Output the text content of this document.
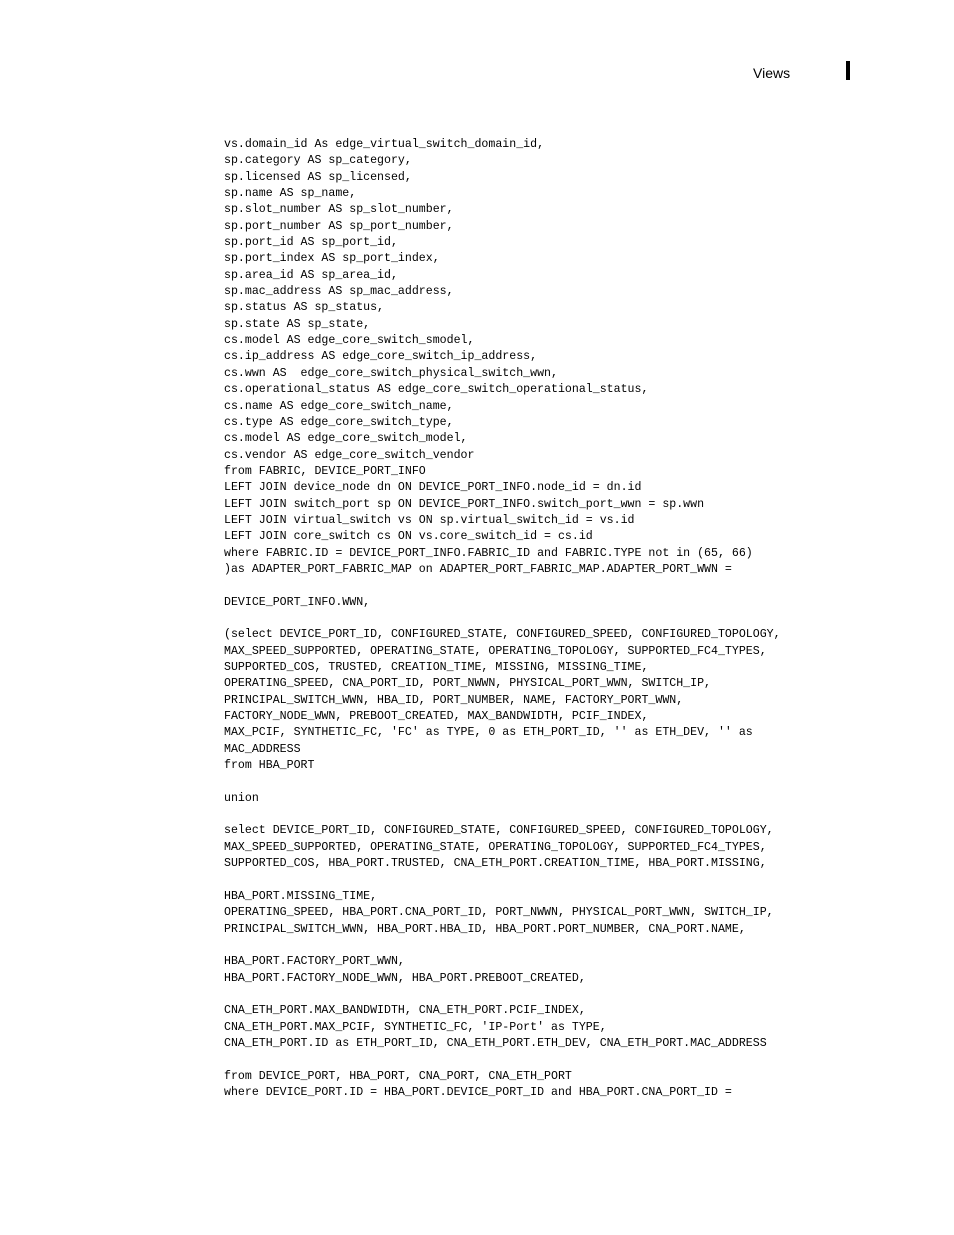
Views
vs.domain_id As edge_virtual_switch_domain_id,
sp.category AS sp_category,
sp.licensed AS sp_licensed,
sp.name AS sp_name,
sp.slot_number AS sp_slot_number,
sp.port_number AS sp_port_number,
sp.port_id AS sp_port_id,
sp.port_index AS sp_port_index,
sp.area_id AS sp_area_id,
sp.mac_address AS sp_mac_address,
sp.status AS sp_status,
sp.state AS sp_state,
cs.model AS edge_core_switch_smodel,
cs.ip_address AS edge_core_switch_ip_address,
cs.wwn AS  edge_core_switch_physical_switch_wwn,
cs.operational_status AS edge_core_switch_operational_status,
cs.name AS edge_core_switch_name,
cs.type AS edge_core_switch_type,
cs.model AS edge_core_switch_model,
cs.vendor AS edge_core_switch_vendor
from FABRIC, DEVICE_PORT_INFO
LEFT JOIN device_node dn ON DEVICE_PORT_INFO.node_id = dn.id
LEFT JOIN switch_port sp ON DEVICE_PORT_INFO.switch_port_wwn = sp.wwn
LEFT JOIN virtual_switch vs ON sp.virtual_switch_id = vs.id
LEFT JOIN core_switch cs ON vs.core_switch_id = cs.id
where FABRIC.ID = DEVICE_PORT_INFO.FABRIC_ID and FABRIC.TYPE not in (65, 66)
)as ADAPTER_PORT_FABRIC_MAP on ADAPTER_PORT_FABRIC_MAP.ADAPTER_PORT_WWN =
DEVICE_PORT_INFO.WWN,
(select DEVICE_PORT_ID, CONFIGURED_STATE, CONFIGURED_SPEED, CONFIGURED_TOPOLOGY,
MAX_SPEED_SUPPORTED, OPERATING_STATE, OPERATING_TOPOLOGY, SUPPORTED_FC4_TYPES,
SUPPORTED_COS, TRUSTED, CREATION_TIME, MISSING, MISSING_TIME,
OPERATING_SPEED, CNA_PORT_ID, PORT_NWWN, PHYSICAL_PORT_WWN, SWITCH_IP,
PRINCIPAL_SWITCH_WWN, HBA_ID, PORT_NUMBER, NAME, FACTORY_PORT_WWN,
FACTORY_NODE_WWN, PREBOOT_CREATED, MAX_BANDWIDTH, PCIF_INDEX,
MAX_PCIF, SYNTHETIC_FC, 'FC' as TYPE, 0 as ETH_PORT_ID, '' as ETH_DEV, '' as
MAC_ADDRESS
from HBA_PORT
union
select DEVICE_PORT_ID, CONFIGURED_STATE, CONFIGURED_SPEED, CONFIGURED_TOPOLOGY,
MAX_SPEED_SUPPORTED, OPERATING_STATE, OPERATING_TOPOLOGY, SUPPORTED_FC4_TYPES,
SUPPORTED_COS, HBA_PORT.TRUSTED, CNA_ETH_PORT.CREATION_TIME, HBA_PORT.MISSING,
HBA_PORT.MISSING_TIME,
OPERATING_SPEED, HBA_PORT.CNA_PORT_ID, PORT_NWWN, PHYSICAL_PORT_WWN, SWITCH_IP,
PRINCIPAL_SWITCH_WWN, HBA_PORT.HBA_ID, HBA_PORT.PORT_NUMBER, CNA_PORT.NAME,
HBA_PORT.FACTORY_PORT_WWN,
HBA_PORT.FACTORY_NODE_WWN, HBA_PORT.PREBOOT_CREATED,
CNA_ETH_PORT.MAX_BANDWIDTH, CNA_ETH_PORT.PCIF_INDEX,
CNA_ETH_PORT.MAX_PCIF, SYNTHETIC_FC, 'IP-Port' as TYPE,
CNA_ETH_PORT.ID as ETH_PORT_ID, CNA_ETH_PORT.ETH_DEV, CNA_ETH_PORT.MAC_ADDRESS
from DEVICE_PORT, HBA_PORT, CNA_PORT, CNA_ETH_PORT
where DEVICE_PORT.ID = HBA_PORT.DEVICE_PORT_ID and HBA_PORT.CNA_PORT_ID =
